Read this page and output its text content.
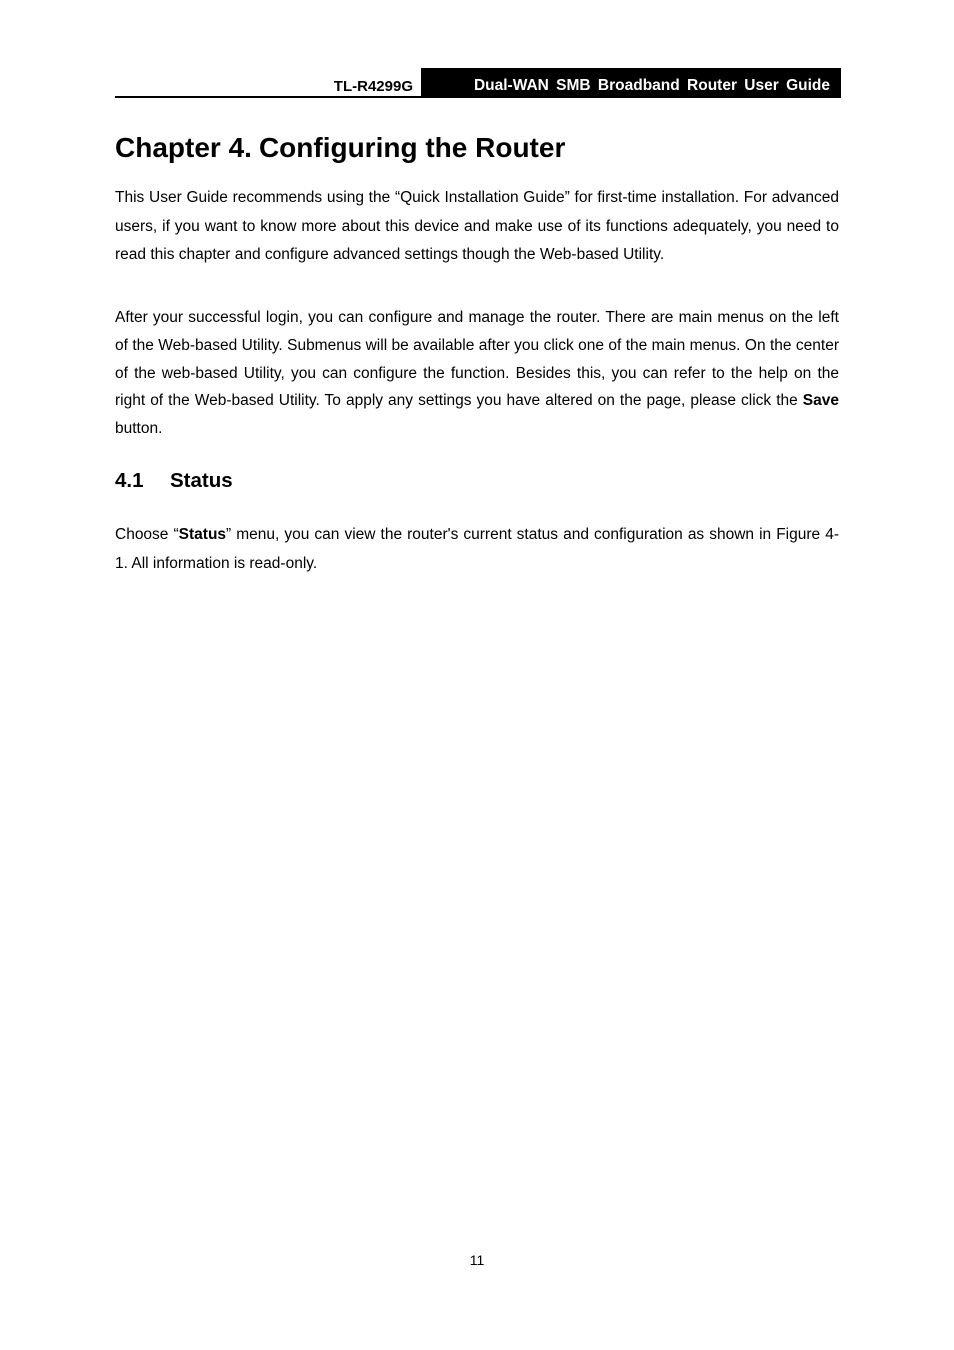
TL-R4299G	Dual-WAN SMB Broadband Router User Guide
Chapter 4. Configuring the Router

This User Guide recommends using the “Quick Installation Guide” for first-time installation. For advanced users, if you want to know more about this device and make use of its functions adequately, you need to read this chapter and configure advanced settings though the Web-based Utility.

After your successful login, you can configure and manage the router. There are main menus on the left of the Web-based Utility. Submenus will be available after you click one of the main menus. On the center of the web-based Utility, you can configure the function. Besides this, you can refer to the help on the right of the Web-based Utility. To apply any settings you have altered on the page, please click the Save button.

4.1 Status

Choose “Status” menu, you can view the router's current status and configuration as shown in Figure 4-1. All information is read-only.

11
